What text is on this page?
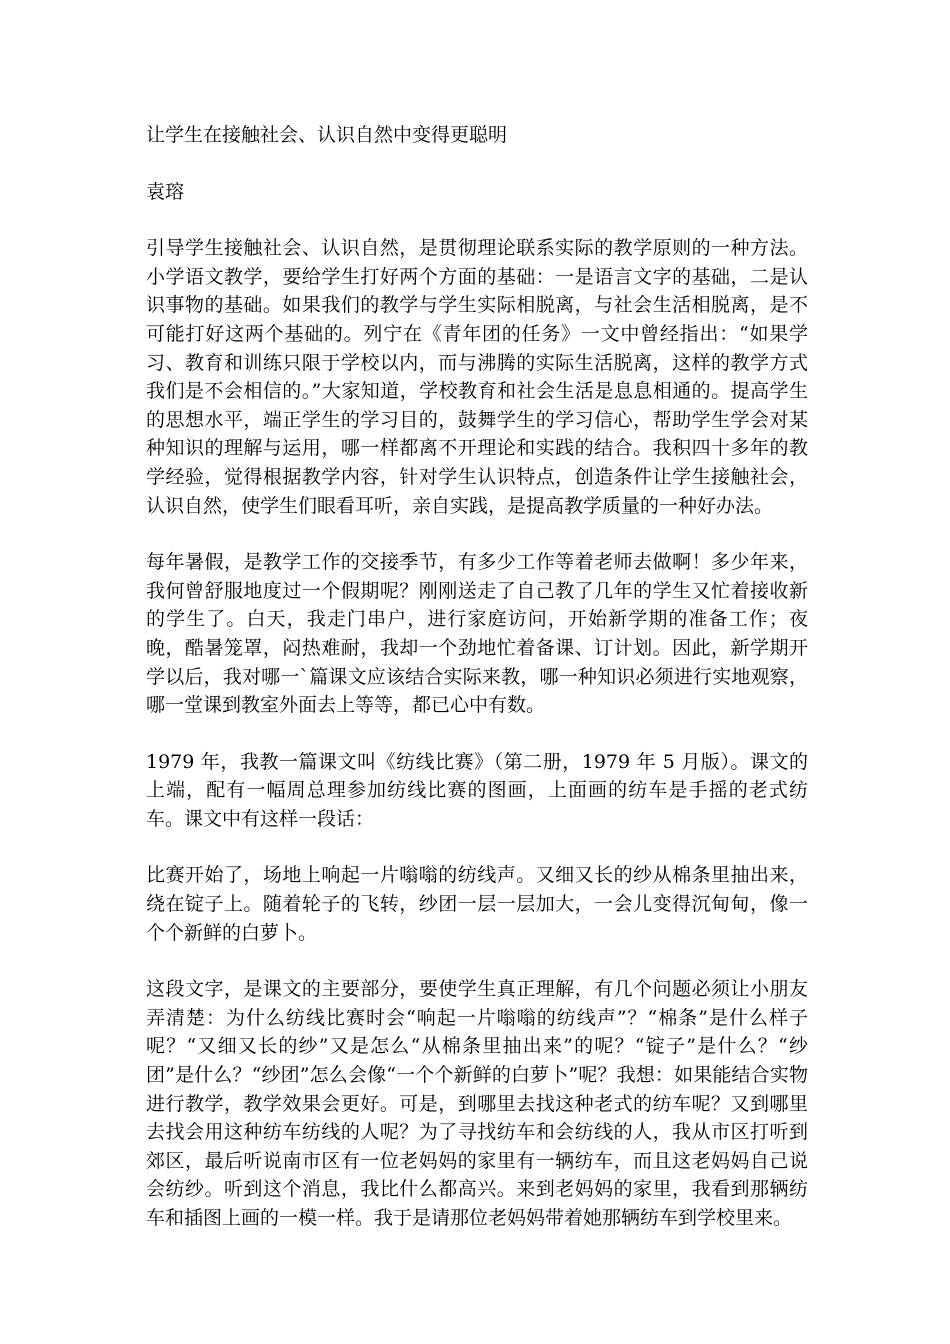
让学生在接触社会、认识自然中变得更聪明

袁瑢

引导学生接触社会、认识自然，是贯彻理论联系实际的教学原则的一种方法。小学语文教学，要给学生打好两个方面的基础：一是语言文字的基础，二是认识事物的基础。如果我们的教学与学生实际相脱离，与社会生活相脱离，是不可能打好这两个基础的。列宁在《青年团的任务》一文中曾经指出：“如果学习、教育和训练只限于学校以内，而与沸腾的实际生活脱离，这样的教学方式我们是不会相信的。”大家知道，学校教育和社会生活是息息相通的。提高学生的思想水平，端正学生的学习目的，鼓舞学生的学习信心，帮助学生学会对某种知识的理解与运用，哪一样都离不开理论和实践的结合。我积四十多年的教学经验，觉得根据教学内容，针对学生认识特点，创造条件让学生接触社会，认识自然，使学生们眼看耳听，亲自实践，是提高教学质量的一种好办法。

每年暑假，是教学工作的交接季节，有多少工作等着老师去做啊！多少年来，我何曾舒服地度过一个假期呢？刚刚送走了自己教了几年的学生又忙着接收新的学生了。白天，我走门串户，进行家庭访问，开始新学期的准备工作；夜晚，酷暑笼罩，闷热难耐，我却一个劲地忙着备课、订计划。因此，新学期开学以后，我对哪一`篇课文应该结合实际来教，哪一种知识必须进行实地观察，哪一堂课到教室外面去上等等，都已心中有数。

1979 年，我教一篇课文叫《纺线比赛》（第二册，1979 年 5 月版）。课文的上端，配有一幅周总理参加纺线比赛的图画，上面画的纺车是手摇的老式纺车。课文中有这样一段话：

比赛开始了，场地上响起一片嗡嗡的纺线声。又细又长的纱从棉条里抽出来，绕在锭子上。随着轮子的飞转，纱团一层一层加大，一会儿变得沉甸甸，像一个个新鲜的白萝卜。

这段文字，是课文的主要部分，要使学生真正理解，有几个问题必须让小朋友弄清楚：为什么纺线比赛时会“响起一片嗡嗡的纺线声”？“棉条”是什么样子呢？“又细又长的纱”又是怎么“从棉条里抽出来”的呢？“锭子”是什么？“纱团”是什么？“纱团”怎么会像“一个个新鲜的白萝卜”呢？我想：如果能结合实物进行教学，教学效果会更好。可是，到哪里去找这种老式的纺车呢？又到哪里去找会用这种纺车纺线的人呢？为了寻找纺车和会纺线的人，我从市区打听到郊区，最后听说南市区有一位老妈妈的家里有一辆纺车，而且这老妈妈自己说会纺纱。听到这个消息，我比什么都高兴。来到老妈妈的家里，我看到那辆纺车和插图上画的一模一样。我于是请那位老妈妈带着她那辆纺车到学校里来。
